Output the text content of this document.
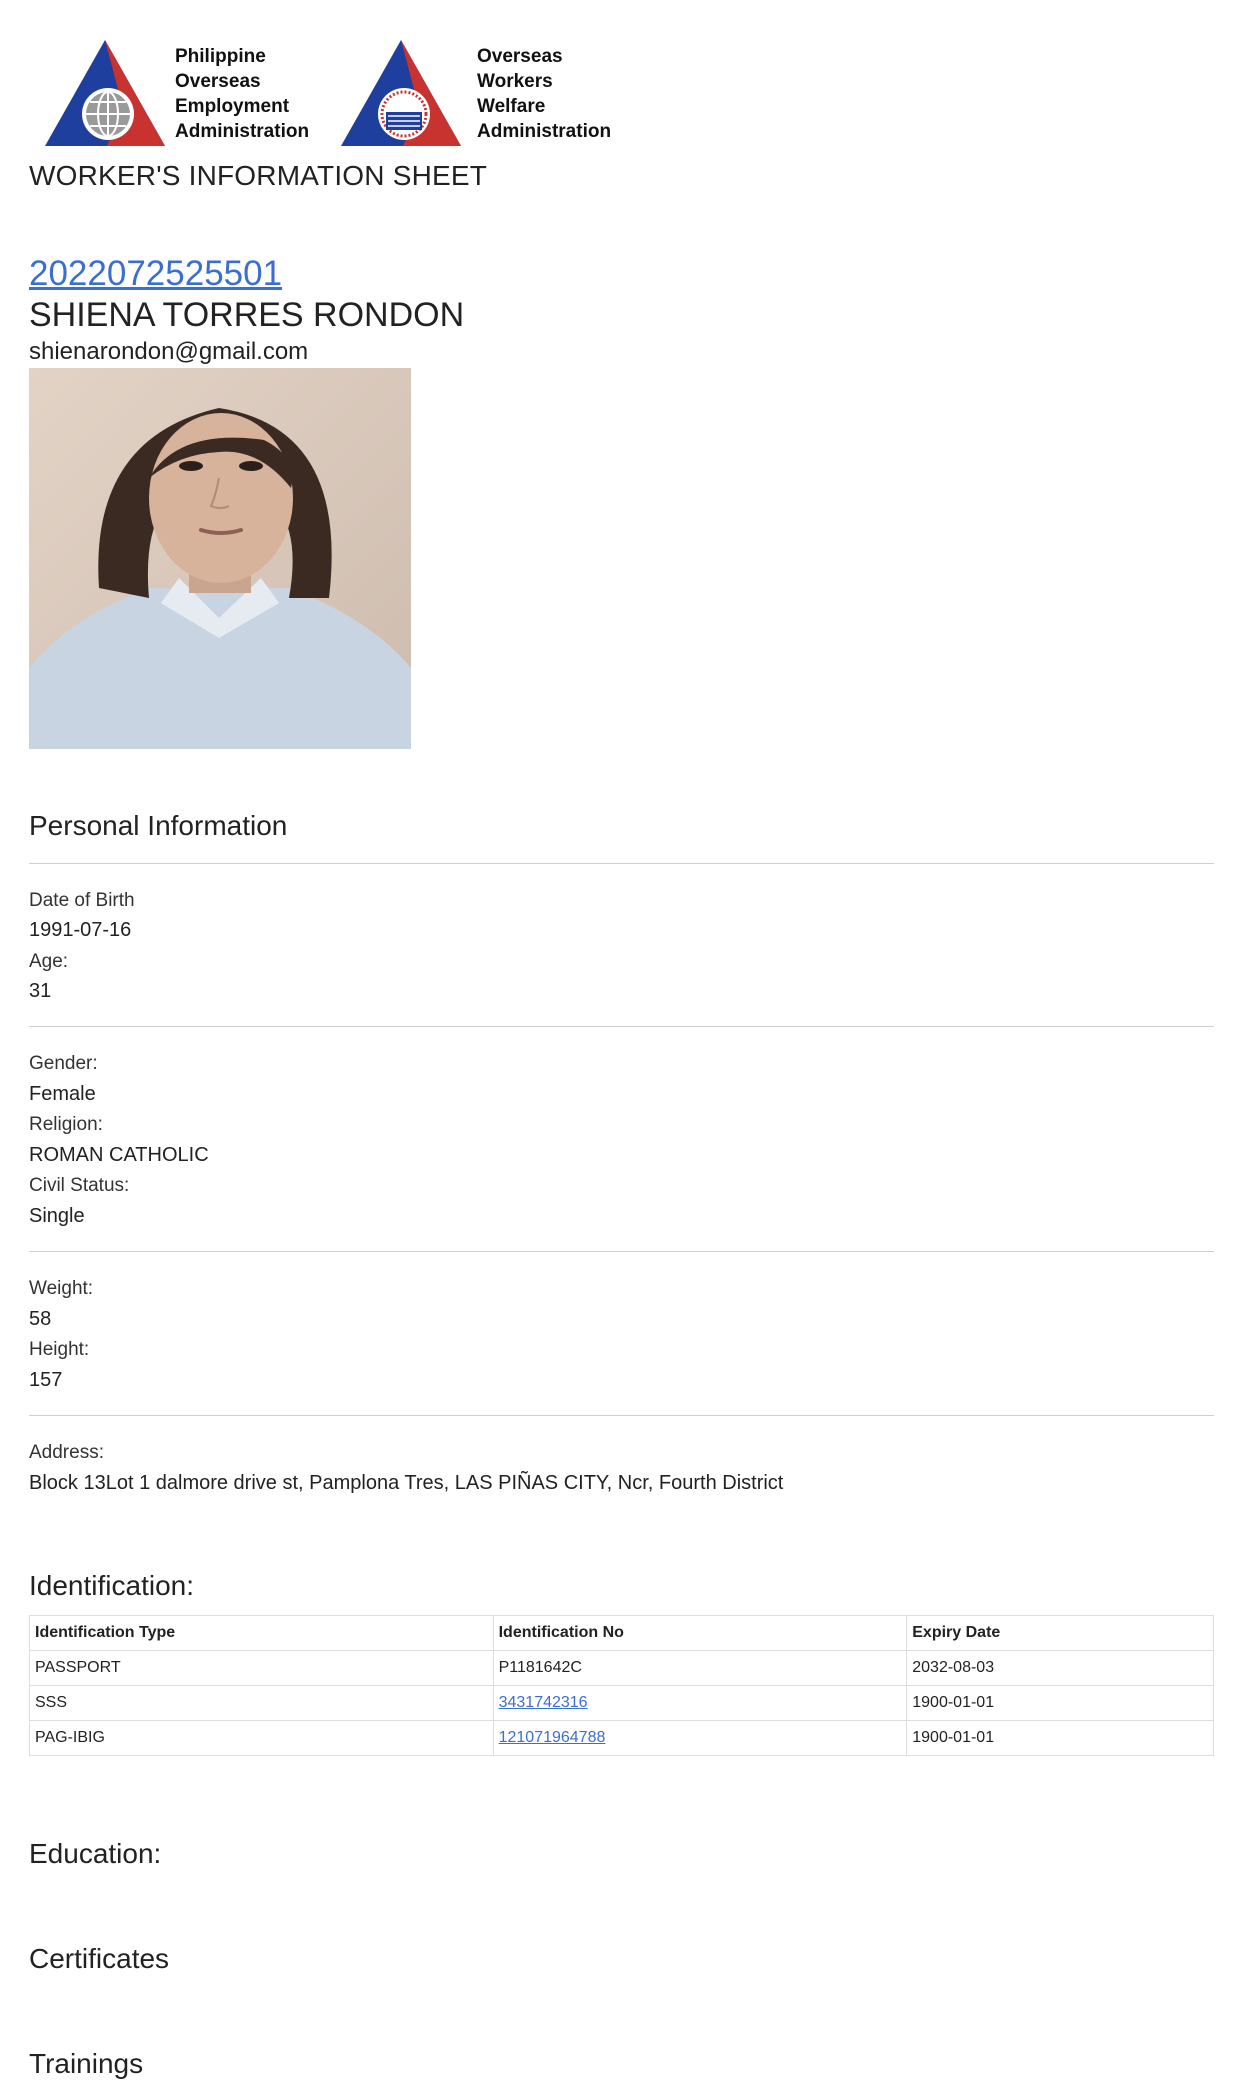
Philippine
Overseas
Employment
Administration
Overseas
Workers
Welfare
Administration
WORKER'S INFORMATION SHEET
2022072525501
SHIENA TORRES RONDON
shienarondon@gmail.com
Personal Information
Date of Birth
1991-07-16
Age:
31
Gender:
Female
Religion:
ROMAN CATHOLIC
Civil Status:
Single
Weight:
58
Height:
157
Address:
Block 13Lot 1 dalmore drive st, Pamplona Tres, LAS PIÑAS CITY, Ncr, Fourth District
Identification:
Identification Type	Identification No	Expiry Date
PASSPORT	P1181642C	2032-08-03
SSS	3431742316	1900-01-01
PAG-IBIG	121071964788	1900-01-01
Education:
Certificates
Trainings
